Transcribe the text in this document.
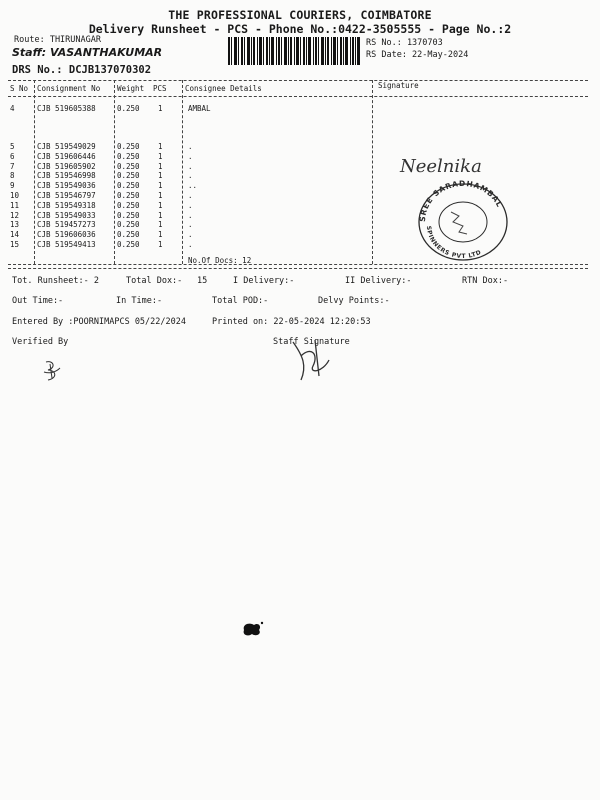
THE PROFESSIONAL COURIERS, COIMBATORE
Delivery Runsheet - PCS - Phone No.:0422-3505555 - Page No.:2
Route: THIRUNAGAR
Staff: VASANTHAKUMAR
DRS No.: DCJB137070302
RS No.: 1370703
RS Date: 22-May-2024
S No Consignment No Weight PCS Consignee Details	Signature
4	CJB 519605388	0.250 1	AMBAL
5	CJB 519549029	0.250 1	.
6	CJB 519606446	0.250 1	.
7	CJB 519605902	0.250 1	.
8	CJB 519546998	0.250 1	.
9	CJB 519549036	0.250 1	..
10 CJB 519546797	0.250 1	.
11 CJB 519549318	0.250 1	.
12 CJB 519549033	0.250 1	.
13 CJB 519457273	0.250 1	.
14 CJB 519606036	0.250 1	.
15 CJB 519549413	0.250 1	.
No.Of Docs: 12
Neelnika
SREE SARADHAMBAL
SPINNERS PVT LTD
Tot. Runsheet:- 2	Total Dox:- 15	I Delivery:-	II Delivery:-	RTN Dox:-
Out Time:-	In Time:-	Total POD:-	Delvy Points:-
Entered By :POORNIMAPCS 05/22/2024	Printed on: 22-05-2024 12:20:53
Verified By	Staff Signature
